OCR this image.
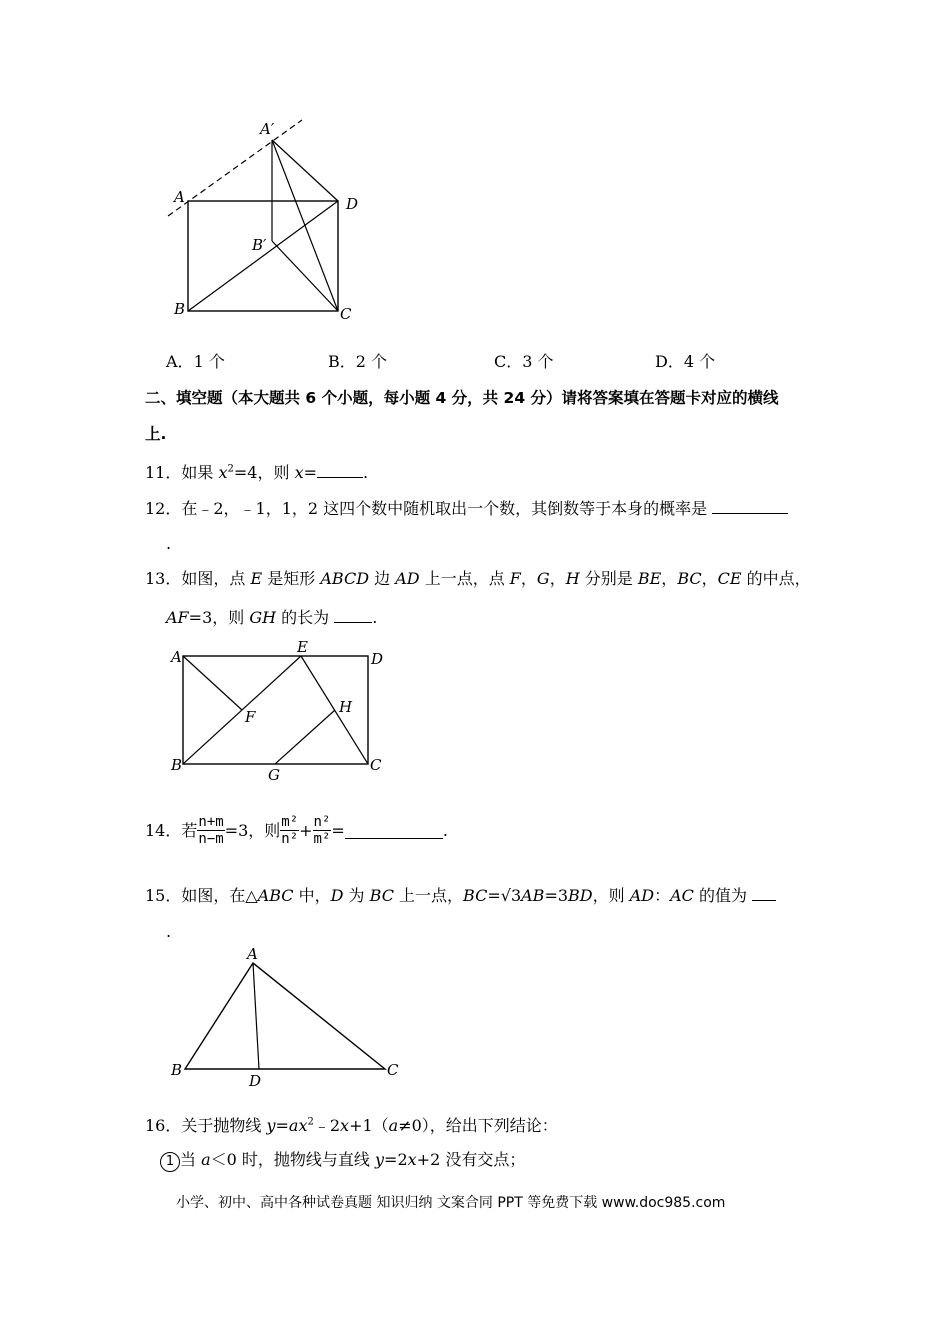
A′
A	D
B′
B	C
A．1 个	B．2 个	C．3 个	D．4 个
二、填空题（本大题共 6 个小题，每小题 4 分，共 24 分）请将答案填在答题卡对应的横线
上.
11．如果 $x^2=4$，则 x=	.
12．在﹣2，﹣1，1，2 这四个数中随机取出一个数，其倒数等于本身的概率是
.
13．如图，点 E 是矩形 ABCD 边 AD 上一点，点 F，G，H 分别是 BE，BC，CE 的中点，
AF=3，则 GH 的长为 .
A
E
D
F
H
B
G
C
14． 若 $\frac{n+m}{n-m} =3$，则 $\frac{\text{m²}}{\text{n²}} + \frac{\text{n²}}{\text{m²}}$ =	.
15．如图，在△ABC 中，D 为 BC 上一点，BC=√3AB=3BD，则 AD：AC 的值为
.
A
B
D
C
16．关于抛物线 $y=ax^2﹣2x+1(a\ne 0)$，给出下列结论：
1 当 a＜0 时，抛物线与直线 y=2x+2 没有交点；
小学、初中、高中各种试卷真题 知识归纳 文案合同 PPT 等免费下载 www.doc985.com
